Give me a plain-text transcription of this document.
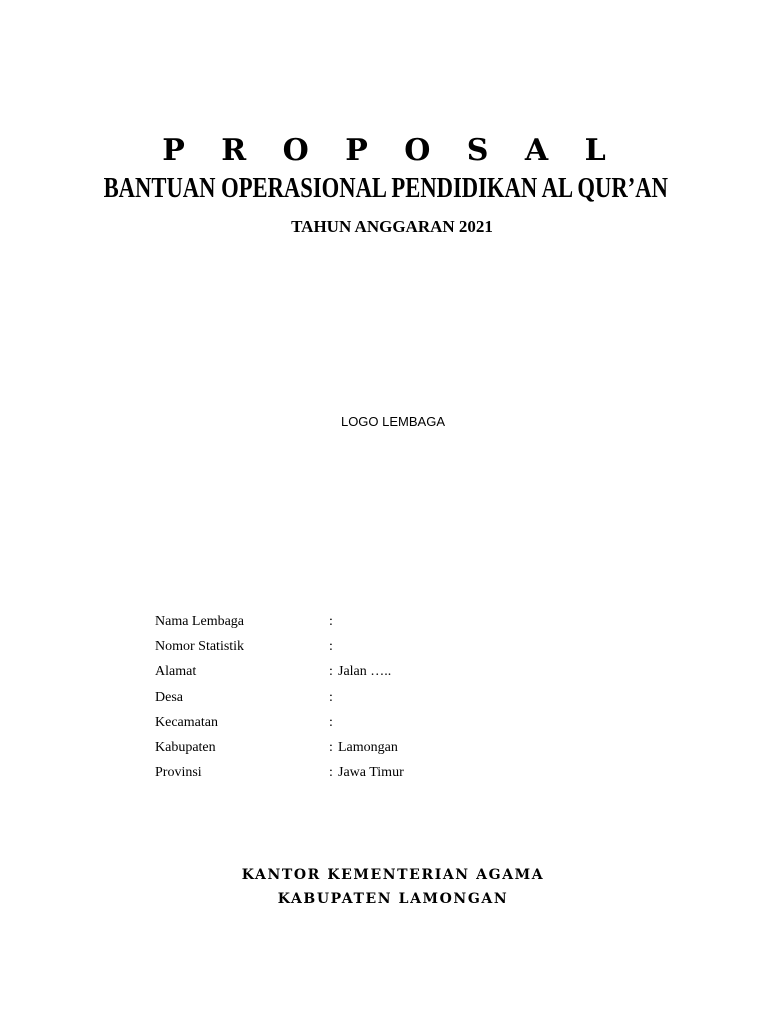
P R O P O S A L
BANTUAN OPERASIONAL PENDIDIKAN AL QUR’AN
TAHUN ANGGARAN 2021
LOGO LEMBAGA
Nama Lembaga	:
Nomor Statistik	:
Alamat	: Jalan …..
Desa	:
Kecamatan	:
Kabupaten	: Lamongan
Provinsi	: Jawa Timur
KANTOR KEMENTERIAN AGAMA
KABUPATEN LAMONGAN
